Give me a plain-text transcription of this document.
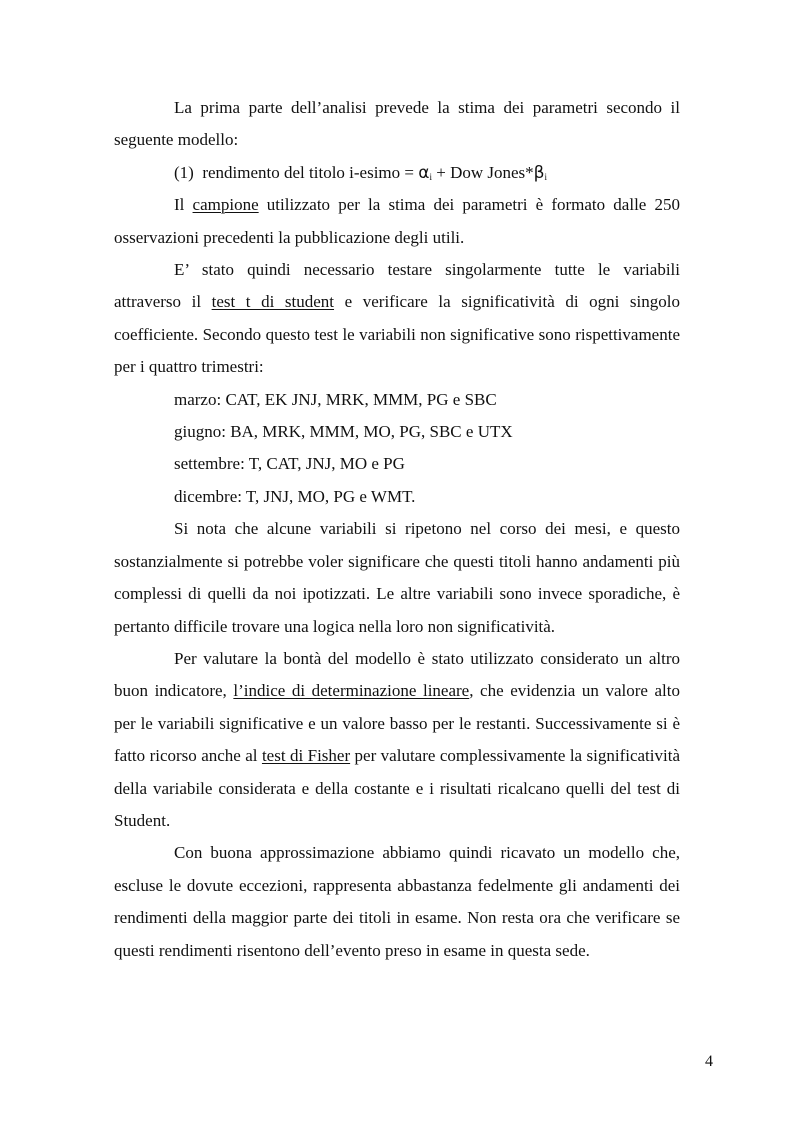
La prima parte dell’analisi prevede la stima dei parametri secondo il seguente modello:

(1) rendimento del titolo i-esimo = $\alpha_i$ + Dow $Jones*\beta_i$

Il campione utilizzato per la stima dei parametri è formato dalle 250 osservazioni precedenti la pubblicazione degli utili.

E’ stato quindi necessario testare singolarmente tutte le variabili attraverso il test t di student e verificare la significatività di ogni singolo coefficiente. Secondo questo test le variabili non significative sono rispettivamente per i quattro trimestri:

marzo: CAT, EK JNJ, MRK, MMM, PG e SBC

giugno: BA, MRK, MMM, MO, PG, SBC e UTX

settembre: T, CAT, JNJ, MO e PG

dicembre: T, JNJ, MO, PG e WMT.

Si nota che alcune variabili si ripetono nel corso dei mesi, e questo sostanzialmente si potrebbe voler significare che questi titoli hanno andamenti più complessi di quelli da noi ipotizzati. Le altre variabili sono invece sporadiche, è pertanto difficile trovare una logica nella loro non significatività.

Per valutare la bontà del modello è stato utilizzato considerato un altro buon indicatore, l’indice di determinazione lineare, che evidenzia un valore alto per le variabili significative e un valore basso per le restanti. Successivamente si è fatto ricorso anche al test di Fisher per valutare complessivamente la significatività della variabile considerata e della costante e i risultati ricalcano quelli del test di Student.

Con buona approssimazione abbiamo quindi ricavato un modello che, escluse le dovute eccezioni, rappresenta abbastanza fedelmente gli andamenti dei rendimenti della maggior parte dei titoli in esame. Non resta ora che verificare se questi rendimenti risentono dell’evento preso in esame in questa sede.

4
